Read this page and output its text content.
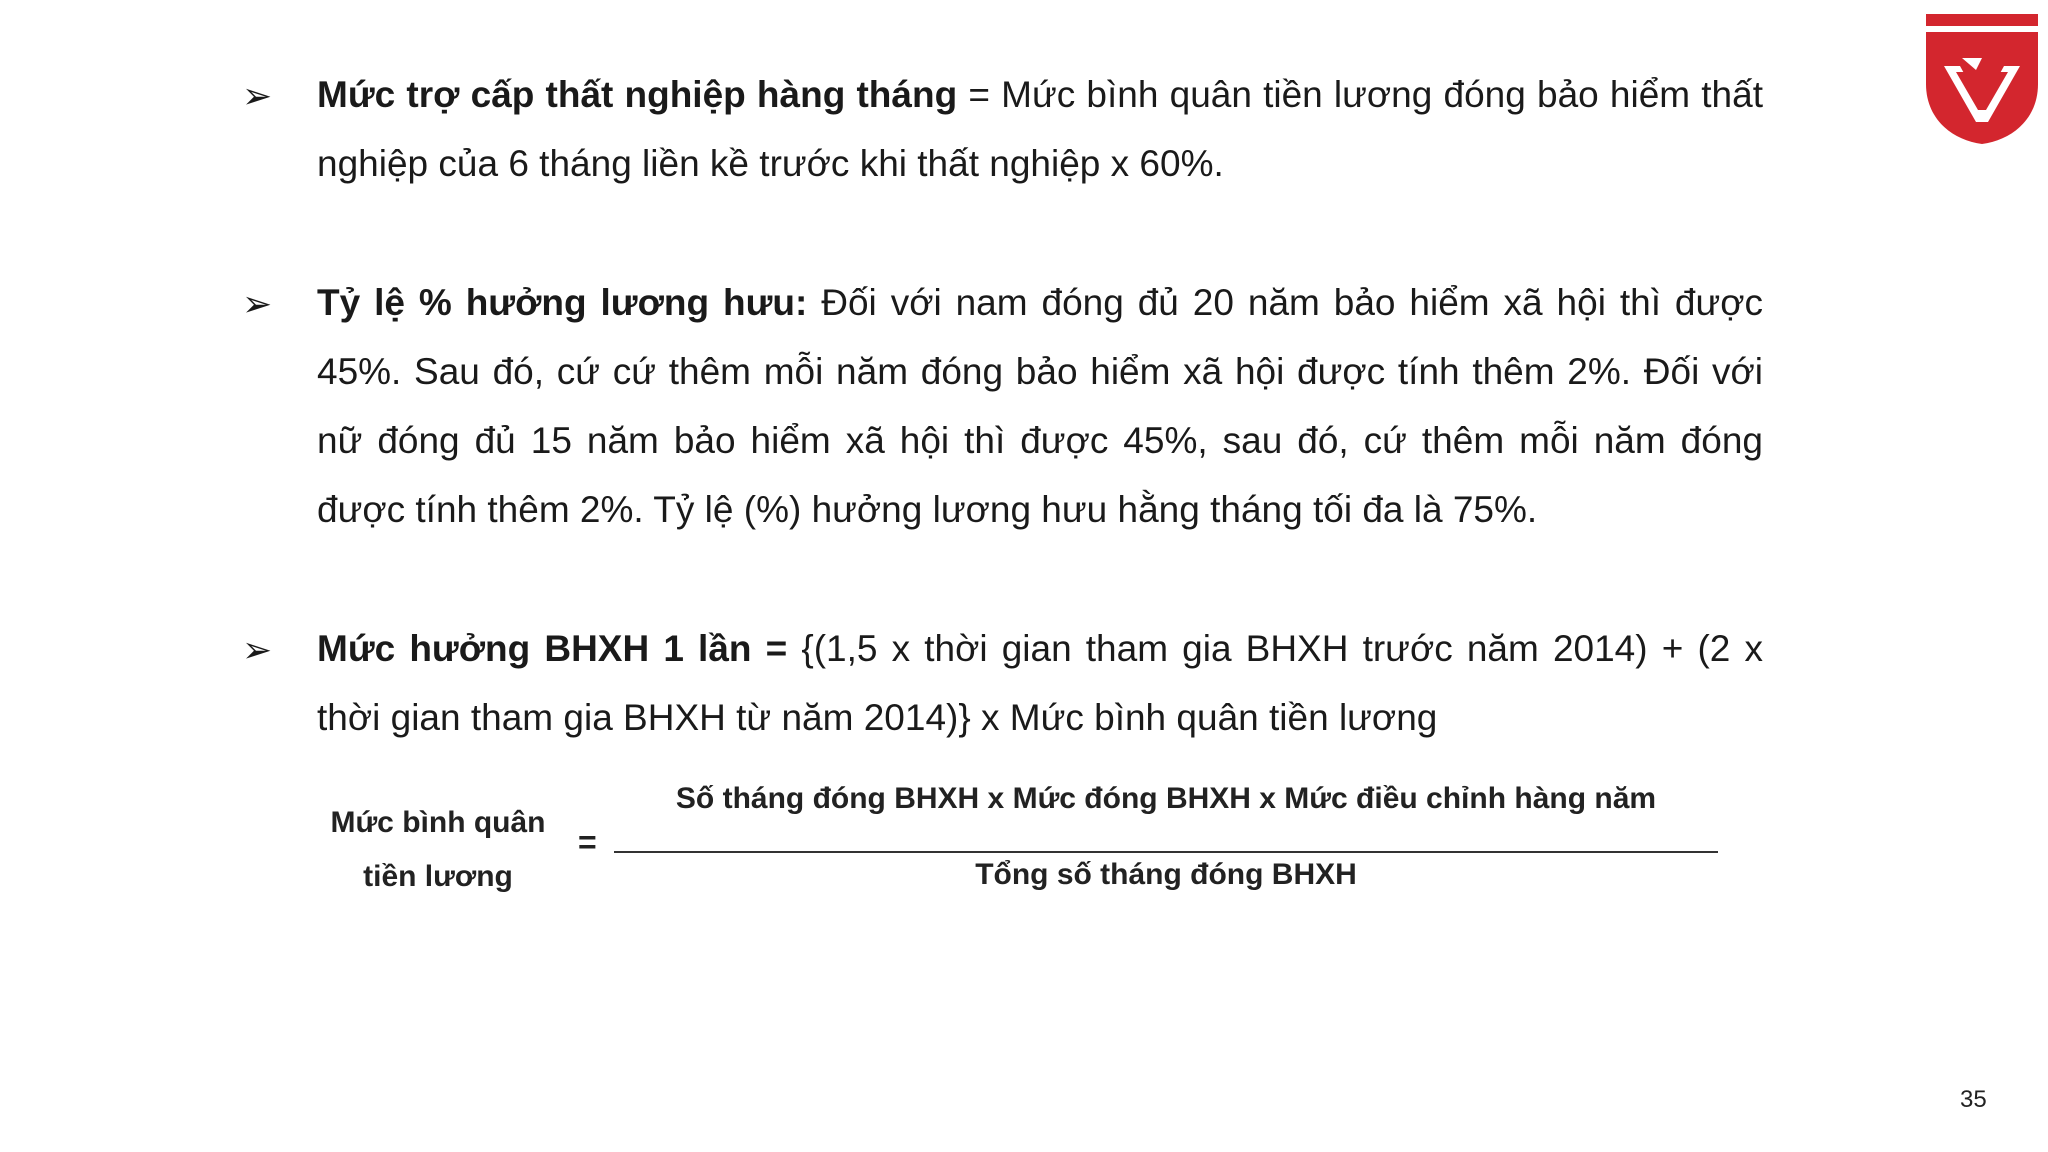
➢ Mức trợ cấp thất nghiệp hàng tháng = Mức bình quân tiền lương đóng bảo hiểm thất nghiệp của 6 tháng liền kề trước khi thất nghiệp x 60%.

➢ Tỷ lệ % hưởng lương hưu: Đối với nam đóng đủ 20 năm bảo hiểm xã hội thì được 45%. Sau đó, cứ cứ thêm mỗi năm đóng bảo hiểm xã hội được tính thêm 2%. Đối với nữ đóng đủ 15 năm bảo hiểm xã hội thì được 45%, sau đó, cứ thêm mỗi năm đóng được tính thêm 2%. Tỷ lệ (%) hưởng lương hưu hằng tháng tối đa là 75%.

➢ Mức hưởng BHXH 1 lần = {(1,5 x thời gian tham gia BHXH trước năm 2014) + (2 x thời gian tham gia BHXH từ năm 2014)} x Mức bình quân tiền lương

Mức bình quân
tiền lương
=
Số tháng đóng BHXH x Mức đóng BHXH x Mức điều chỉnh hàng năm
Tổng số tháng đóng BHXH
35
